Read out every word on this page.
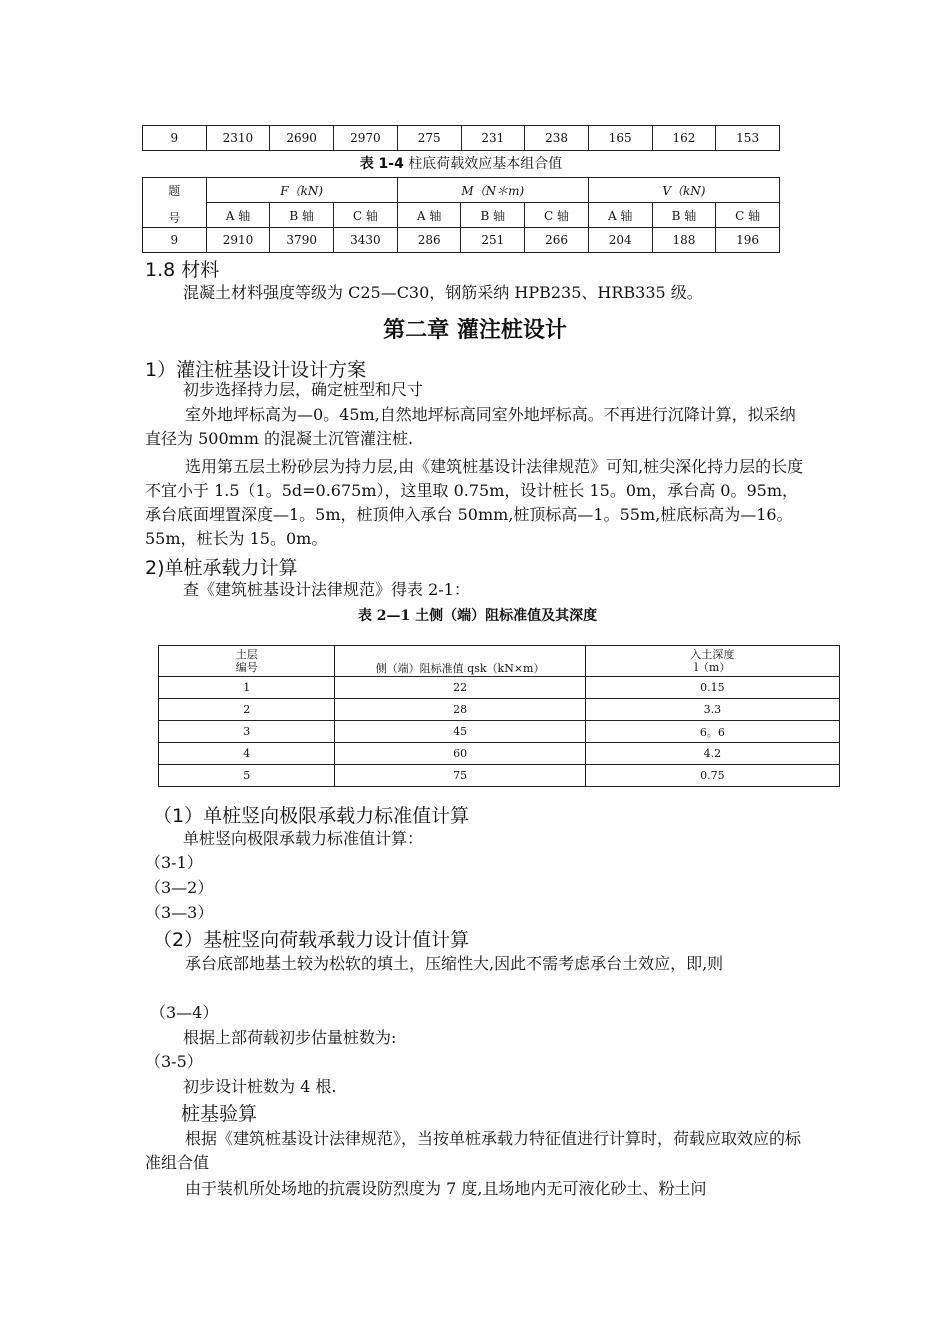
9	2310	2690	2970	275	231	238	165	162	153
表 1-4 柱底荷载效应基本组合值
题
号	F（kN)			M（N＊m)			V（kN)		
	A 轴	B 轴	C 轴	A 轴	B 轴	C 轴	A 轴	B 轴	C 轴
9	2910	3790	3430	286	251	266	204	188	196
1.8 材料
混凝土材料强度等级为 C25—C30，钢筋采纳 HPB235、HRB335 级。
第二章 灌注桩设计
1）灌注桩基设计设计方案
初步选择持力层，确定桩型和尺寸
室外地坪标高为—0。45m,自然地坪标高同室外地坪标高。不再进行沉降计算，拟采纳直径为 500mm 的混凝土沉管灌注桩.
选用第五层土粉砂层为持力层,由《建筑桩基设计法律规范》可知,桩尖深化持力层的长度不宜小于 1.5（1。5d=0.675m），这里取 0.75m，设计桩长 15。0m，承台高 0。95m，承台底面埋置深度—1。5m，桩顶伸入承台 50mm,桩顶标高—1。55m,桩底标高为—16。55m，桩长为 15。0m。
2)单桩承载力计算
查《建筑桩基设计法律规范》得表 2-1：
表 2—1 土侧（端）阻标准值及其深度
土层
编号	侧（端）阻标准值 qsk（kN×m）	入土深度
l（m）
1	22	0.15
2	28	3.3
3	45	6。6
4	60	4.2
5	75	0.75
（1）单桩竖向极限承载力标准值计算
单桩竖向极限承载力标准值计算：
（3-1）
（3—2）
（3—3）
（2）基桩竖向荷载承载力设计值计算
承台底部地基土较为松软的填土，压缩性大,因此不需考虑承台土效应，即,则
（3—4）
根据上部荷载初步估量桩数为:
（3-5）
初步设计桩数为 4 根.
桩基验算
根据《建筑桩基设计法律规范》，当按单桩承载力特征值进行计算时，荷载应取效应的标准组合值
由于装机所处场地的抗震设防烈度为 7 度,且场地内无可液化砂土、粉土问
